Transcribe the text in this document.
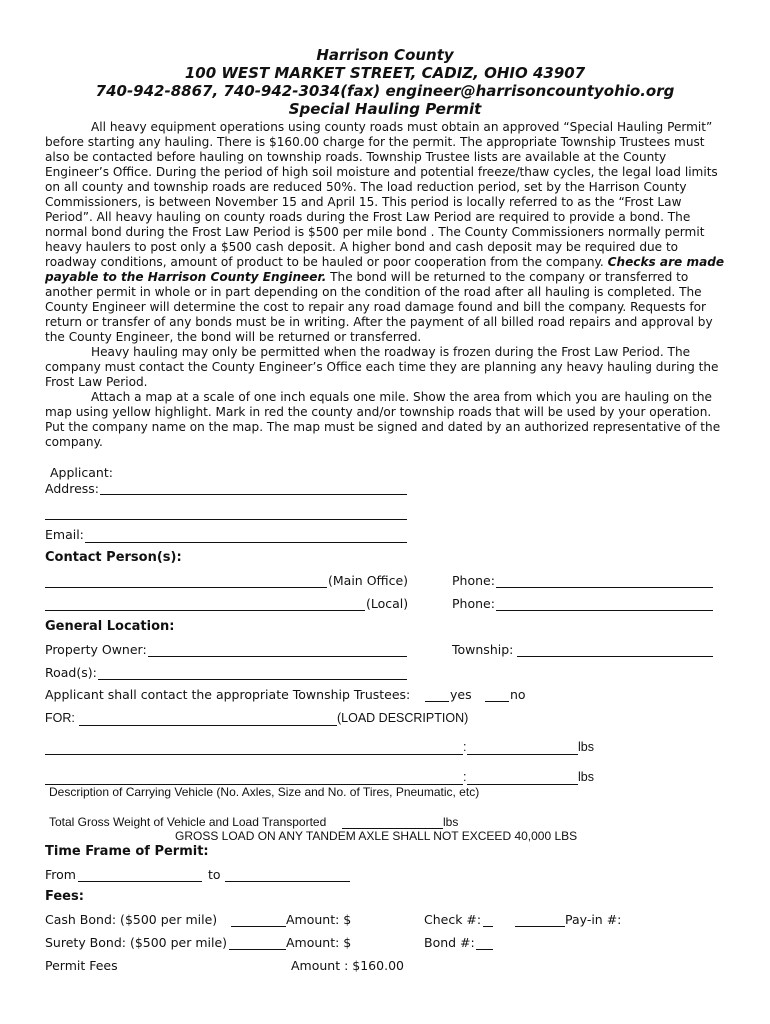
Harrison County
100 WEST MARKET STREET, CADIZ, OHIO 43907
740-942-8867, 740-942-3034(fax) engineer@harrisoncountyohio.org
Special Hauling Permit

All heavy equipment operations using county roads must obtain an approved “Special Hauling Permit” before starting any hauling. There is $160.00 charge for the permit. The appropriate Township Trustees must also be contacted before hauling on township roads. Township Trustee lists are available at the County Engineer’s Office. During the period of high soil moisture and potential freeze/thaw cycles, the legal load limits on all county and township roads are reduced 50%. The load reduction period, set by the Harrison County Commissioners, is between November 15 and April 15. This period is locally referred to as the “Frost Law Period”. All heavy hauling on county roads during the Frost Law Period are required to provide a bond. The normal bond during the Frost Law Period is $500 per mile bond . The County Commissioners normally permit heavy haulers to post only a $500 cash deposit. A higher bond and cash deposit may be required due to roadway conditions, amount of product to be hauled or poor cooperation from the company. Checks are made payable to the Harrison County Engineer. The bond will be returned to the company or transferred to another permit in whole or in part depending on the condition of the road after all hauling is completed. The County Engineer will determine the cost to repair any road damage found and bill the company. Requests for return or transfer of any bonds must be in writing. After the payment of all billed road repairs and approval by the County Engineer, the bond will be returned or transferred.

Heavy hauling may only be permitted when the roadway is frozen during the Frost Law Period. The company must contact the County Engineer’s Office each time they are planning any heavy hauling during the Frost Law Period.

Attach a map at a scale of one inch equals one mile. Show the area from which you are hauling on the map using yellow highlight. Mark in red the county and/or township roads that will be used by your operation. Put the company name on the map. The map must be signed and dated by an authorized representative of the company.

Applicant:
Address:
Email:
Contact Person(s):
(Main Office)	Phone:
(Local)	Phone:
General Location:
Property Owner:	Township:
Road(s):
Applicant shall contact the appropriate Township Trustees:	yes	no
FOR:	(LOAD DESCRIPTION)
:	lbs
:	lbs
Description of Carrying Vehicle (No. Axles, Size and No. of Tires, Pneumatic, etc)
Total Gross Weight of Vehicle and Load Transported	lbs
GROSS LOAD ON ANY TANDEM AXLE SHALL NOT EXCEED 40,000 LBS
Time Frame of Permit:
From	to
Fees:
Cash Bond: ($500 per mile)	Amount: $	Check #:	Pay-in #:
Surety Bond: ($500 per mile)	Amount: $	Bond #:
Permit Fees	Amount : $160.00
